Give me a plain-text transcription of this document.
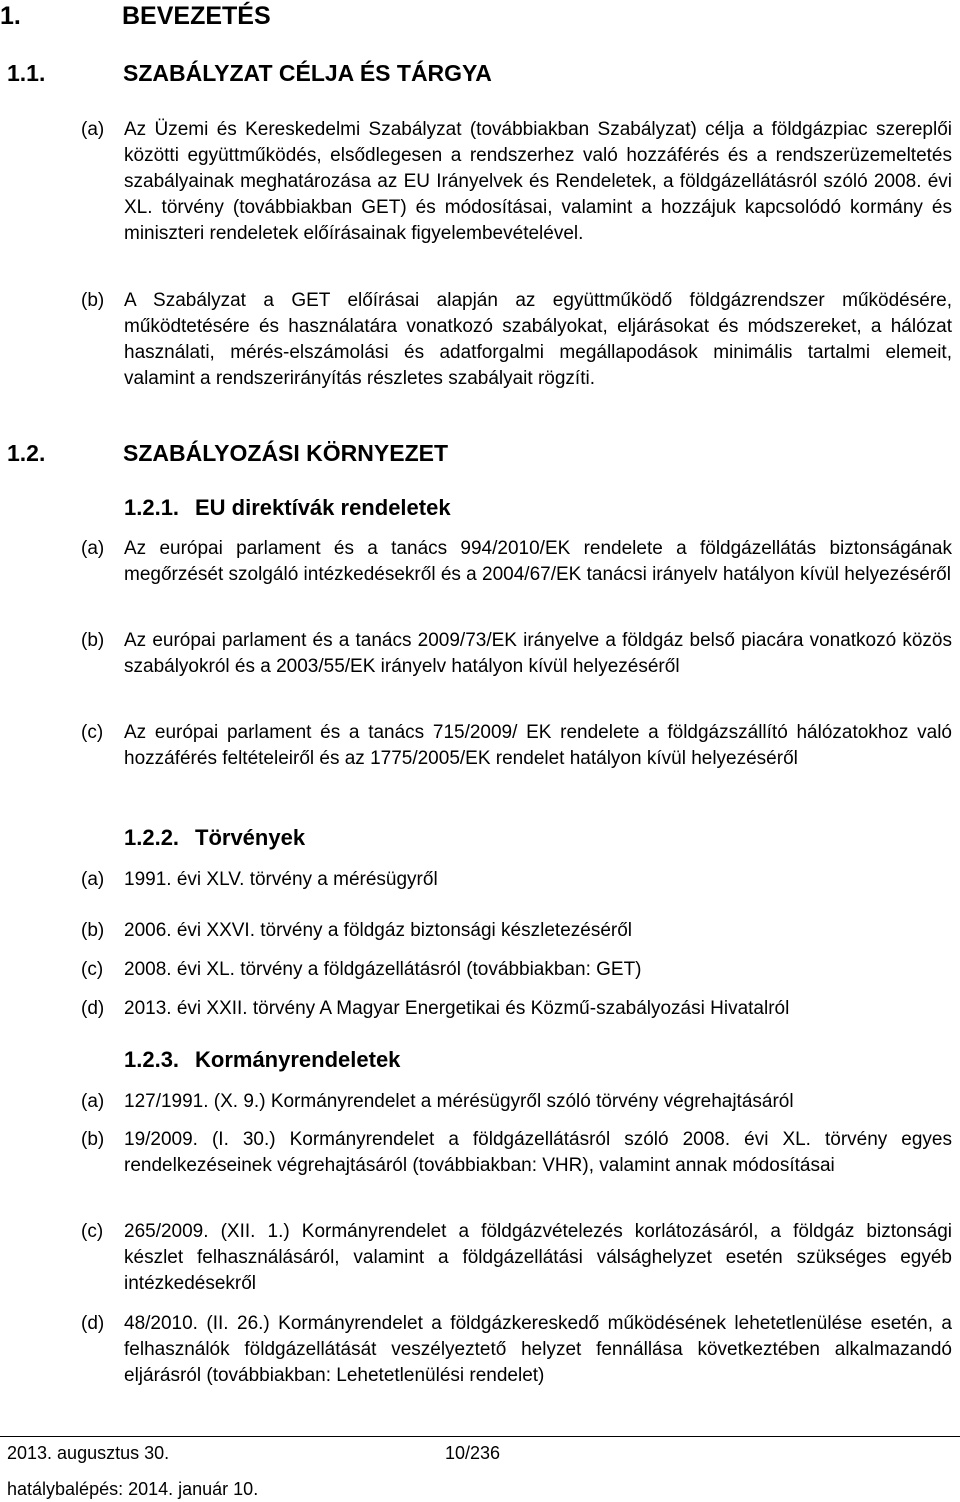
1.	BEVEZETÉS
1.1.	SZABÁLYZAT CÉLJA ÉS TÁRGYA
(a) Az Üzemi és Kereskedelmi Szabályzat (továbbiakban Szabályzat) célja a földgázpiac szereplői közötti együttműködés, elsődlegesen a rendszerhez való hozzáférés és a rendszerüzemeltetés szabályainak meghatározása az EU Irányelvek és Rendeletek, a földgázellátásról szóló 2008. évi XL. törvény (továbbiakban GET) és módosításai, valamint a hozzájuk kapcsolódó kormány és miniszteri rendeletek előírásainak figyelembevételével.
(b) A Szabályzat a GET előírásai alapján az együttműködő földgázrendszer működésére, működtetésére és használatára vonatkozó szabályokat, eljárásokat és módszereket, a hálózat használati, mérés-elszámolási és adatforgalmi megállapodások minimális tartalmi elemeit, valamint a rendszerirányítás részletes szabályait rögzíti.
1.2.	SZABÁLYOZÁSI KÖRNYEZET
1.2.1. EU direktívák rendeletek
(a) Az európai parlament és a tanács 994/2010/EK rendelete a földgázellátás biztonságának megőrzését szolgáló intézkedésekről és a 2004/67/EK tanácsi irányelv hatályon kívül helyezéséről
(b) Az európai parlament és a tanács 2009/73/EK irányelve a földgáz belső piacára vonatkozó közös szabályokról és a 2003/55/EK irányelv hatályon kívül helyezéséről
(c) Az európai parlament és a tanács 715/2009/ EK rendelete a földgázszállító hálózatokhoz való hozzáférés feltételeiről és az 1775/2005/EK rendelet hatályon kívül helyezéséről
1.2.2. Törvények
(a) 1991. évi XLV. törvény a mérésügyről
(b) 2006. évi XXVI. törvény a földgáz biztonsági készletezéséről
(c) 2008. évi XL. törvény a földgázellátásról (továbbiakban: GET)
(d) 2013. évi XXII. törvény A Magyar Energetikai és Közmű-szabályozási Hivatalról
1.2.3. Kormányrendeletek
(a) 127/1991. (X. 9.) Kormányrendelet a mérésügyről szóló törvény végrehajtásáról
(b) 19/2009. (I. 30.) Kormányrendelet a földgázellátásról szóló 2008. évi XL. törvény egyes rendelkezéseinek végrehajtásáról (továbbiakban: VHR), valamint annak módosításai
(c) 265/2009. (XII. 1.) Kormányrendelet a földgázvételezés korlátozásáról, a földgáz biztonsági készlet felhasználásáról, valamint a földgázellátási válsághelyzet esetén szükséges egyéb intézkedésekről
(d) 48/2010. (II. 26.) Kormányrendelet a földgázkereskedő működésének lehetetlenülése esetén, a felhasználók földgázellátását veszélyeztető helyzet fennállása következtében alkalmazandó eljárásról (továbbiakban: Lehetetlenülési rendelet)
2013. augusztus 30.	10/236
hatálybalépés: 2014. január 10.
